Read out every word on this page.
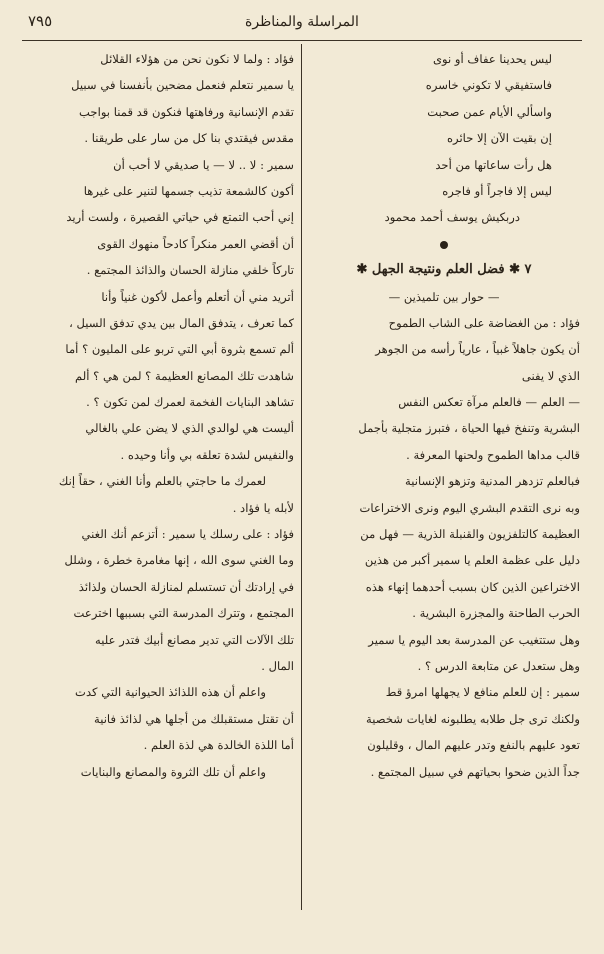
المراسلة والمناظرة
٧٩٥
ليس يحدينا عفاف أو نوى
فاستفيقي لا تكوني خاسره
واسألي الأيام عمن صحبت
إن بقيت الآن إلا حائره
هل رأت ساعاتها من أحد
ليس إلا فاجراً أو فاجره
دربكيش يوسف أحمد محمود
٧ ✱ فضل العلم ونتيجة الجهل ✱
— حوار بين تلميذين —
فؤاد : من الغضاضة على الشاب الطموح
أن يكون جاهلاً غبياً ، عارياً رأسه من الجوهر
الذي لا يفنى
— العلم — فالعلم مرآة تعكس النفس
البشرية وتنفخ فيها الحياة ، فتبرز متجلية بأجمل
قالب مداها الطموح ولحنها المعرفة .
فبالعلم تزدهر المدنية وتزهو الإنسانية
وبه نرى التقدم البشري اليوم ونرى الاختراعات
العظيمة كالتلفزيون والقنبلة الذرية — فهل من
دليل على عظمة العلم يا سمير أكبر من هذين
الاختراعين الذين كان بسبب أحدهما إنهاء هذه
الحرب الطاحنة والمجزرة البشرية .
وهل ستتغيب عن المدرسة بعد اليوم يا سمير
وهل ستعدل عن متابعة الدرس ؟ .
سمير : إن للعلم منافع لا يجهلها امرؤ قط
ولكنك ترى جل طلابه يطلبونه لغايات شخصية
تعود عليهم بالنفع وتدر عليهم المال ، وقليلون
جداً الذين ضحوا بحياتهم في سبيل المجتمع .
فؤاد : ولما لا نكون نحن من هؤلاء القلائل
يا سمير نتعلم فنعمل مضحين بأنفسنا في سبيل
تقدم الإنسانية ورفاهتها فنكون قد قمنا بواجب
مقدس فيقتدي بنا كل من سار على طريقنا .
سمير : لا .. لا — يا صديقي لا أحب أن
أكون كالشمعة تذيب جسمها لتنير على غيرها
إني أحب التمتع في حياتي القصيرة ، ولست أريد
أن أقضي العمر منكراً كادحاً منهوك القوى
تاركاً خلفي منازلة الحسان والذائذ المجتمع .
أتريد مني أن أتعلم وأعمل لأكون غنياً وأنا
كما تعرف ، يتدفق المال بين يدي تدفق السيل ،
ألم تسمع بثروة أبي التي تربو على المليون ؟ أما
شاهدت تلك المصانع العظيمة ؟ لمن هي ؟ ألم
تشاهد البنايات الفخمة لعمرك لمن تكون ؟ .
أليست هي لوالدي الذي لا يضن علي بالغالي
والنفيس لشدة تعلقه بي وأنا وحيده .
لعمرك ما حاجتي بالعلم وأنا الغني ، حقاً إنك
لأبله يا فؤاد .
فؤاد : على رسلك يا سمير : أتزعم أنك الغني
وما الغني سوى الله ، إنها مغامرة خطرة ، وشلل
في إرادتك أن تستسلم لمنازلة الحسان ولذائذ
المجتمع ، وتترك المدرسة التي بسببها اخترعت
تلك الآلات التي تدير مصانع أبيك فتدر عليه
المال .
واعلم أن هذه اللذائذ الحيوانية التي كدت
أن تقتل مستقبلك من أجلها هي لذائذ فانية
أما اللذة الخالدة هي لذة العلم .
واعلم أن تلك الثروة والمصانع والبنايات
